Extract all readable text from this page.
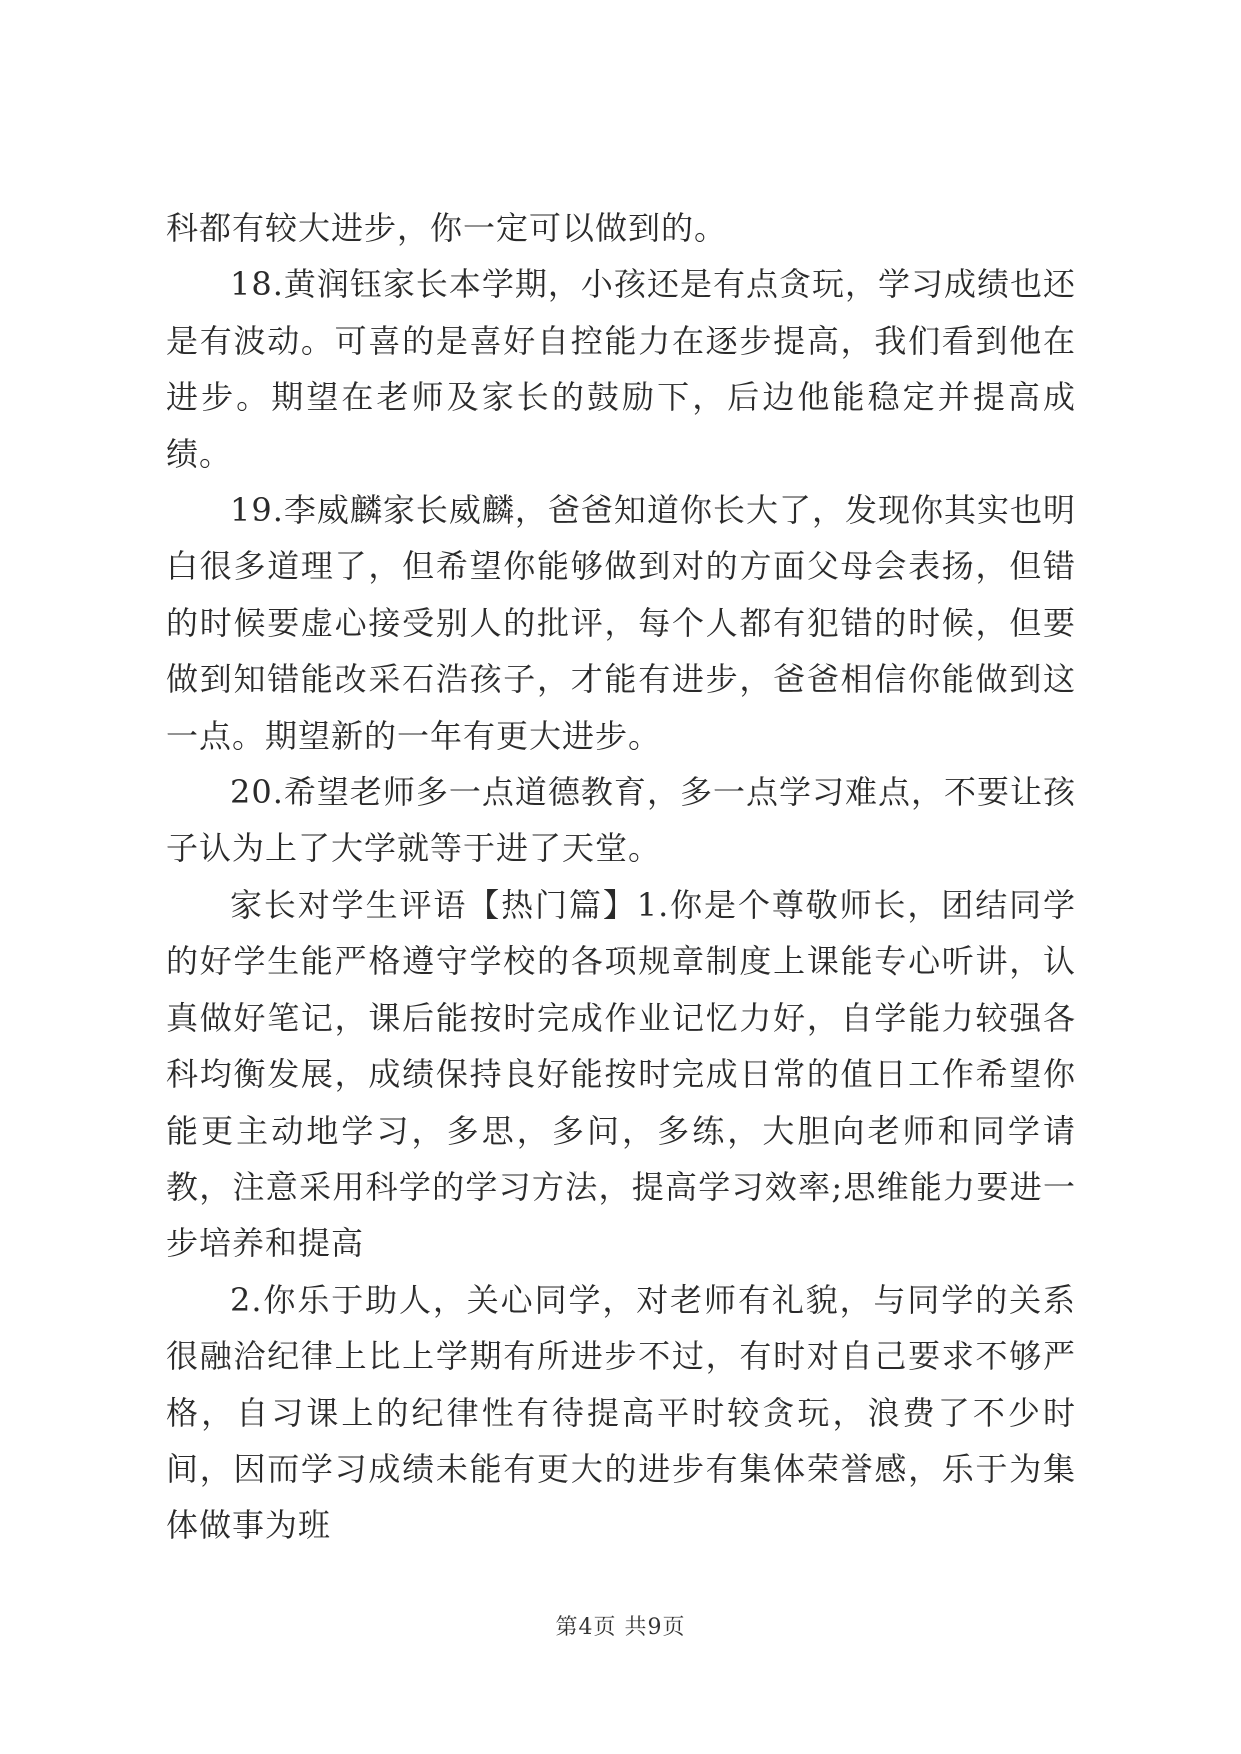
科都有较大进步，你一定可以做到的。

18.黄润钰家长本学期，小孩还是有点贪玩，学习成绩也还是有波动。可喜的是喜好自控能力在逐步提高，我们看到他在进步。期望在老师及家长的鼓励下，后边他能稳定并提高成绩。

19.李威麟家长威麟，爸爸知道你长大了，发现你其实也明白很多道理了，但希望你能够做到对的方面父母会表扬，但错的时候要虚心接受别人的批评，每个人都有犯错的时候，但要做到知错能改采石浩孩子，才能有进步，爸爸相信你能做到这一点。期望新的一年有更大进步。

20.希望老师多一点道德教育，多一点学习难点，不要让孩子认为上了大学就等于进了天堂。

家长对学生评语【热门篇】1.你是个尊敬师长，团结同学的好学生能严格遵守学校的各项规章制度上课能专心听讲，认真做好笔记，课后能按时完成作业记忆力好，自学能力较强各科均衡发展，成绩保持良好能按时完成日常的值日工作希望你能更主动地学习，多思，多问，多练，大胆向老师和同学请教，注意采用科学的学习方法，提高学习效率;思维能力要进一步培养和提高

2.你乐于助人，关心同学，对老师有礼貌，与同学的关系很融洽纪律上比上学期有所进步不过，有时对自己要求不够严格，自习课上的纪律性有待提高平时较贪玩，浪费了不少时间，因而学习成绩未能有更大的进步有集体荣誉感，乐于为集体做事为班

第4页 共9页
